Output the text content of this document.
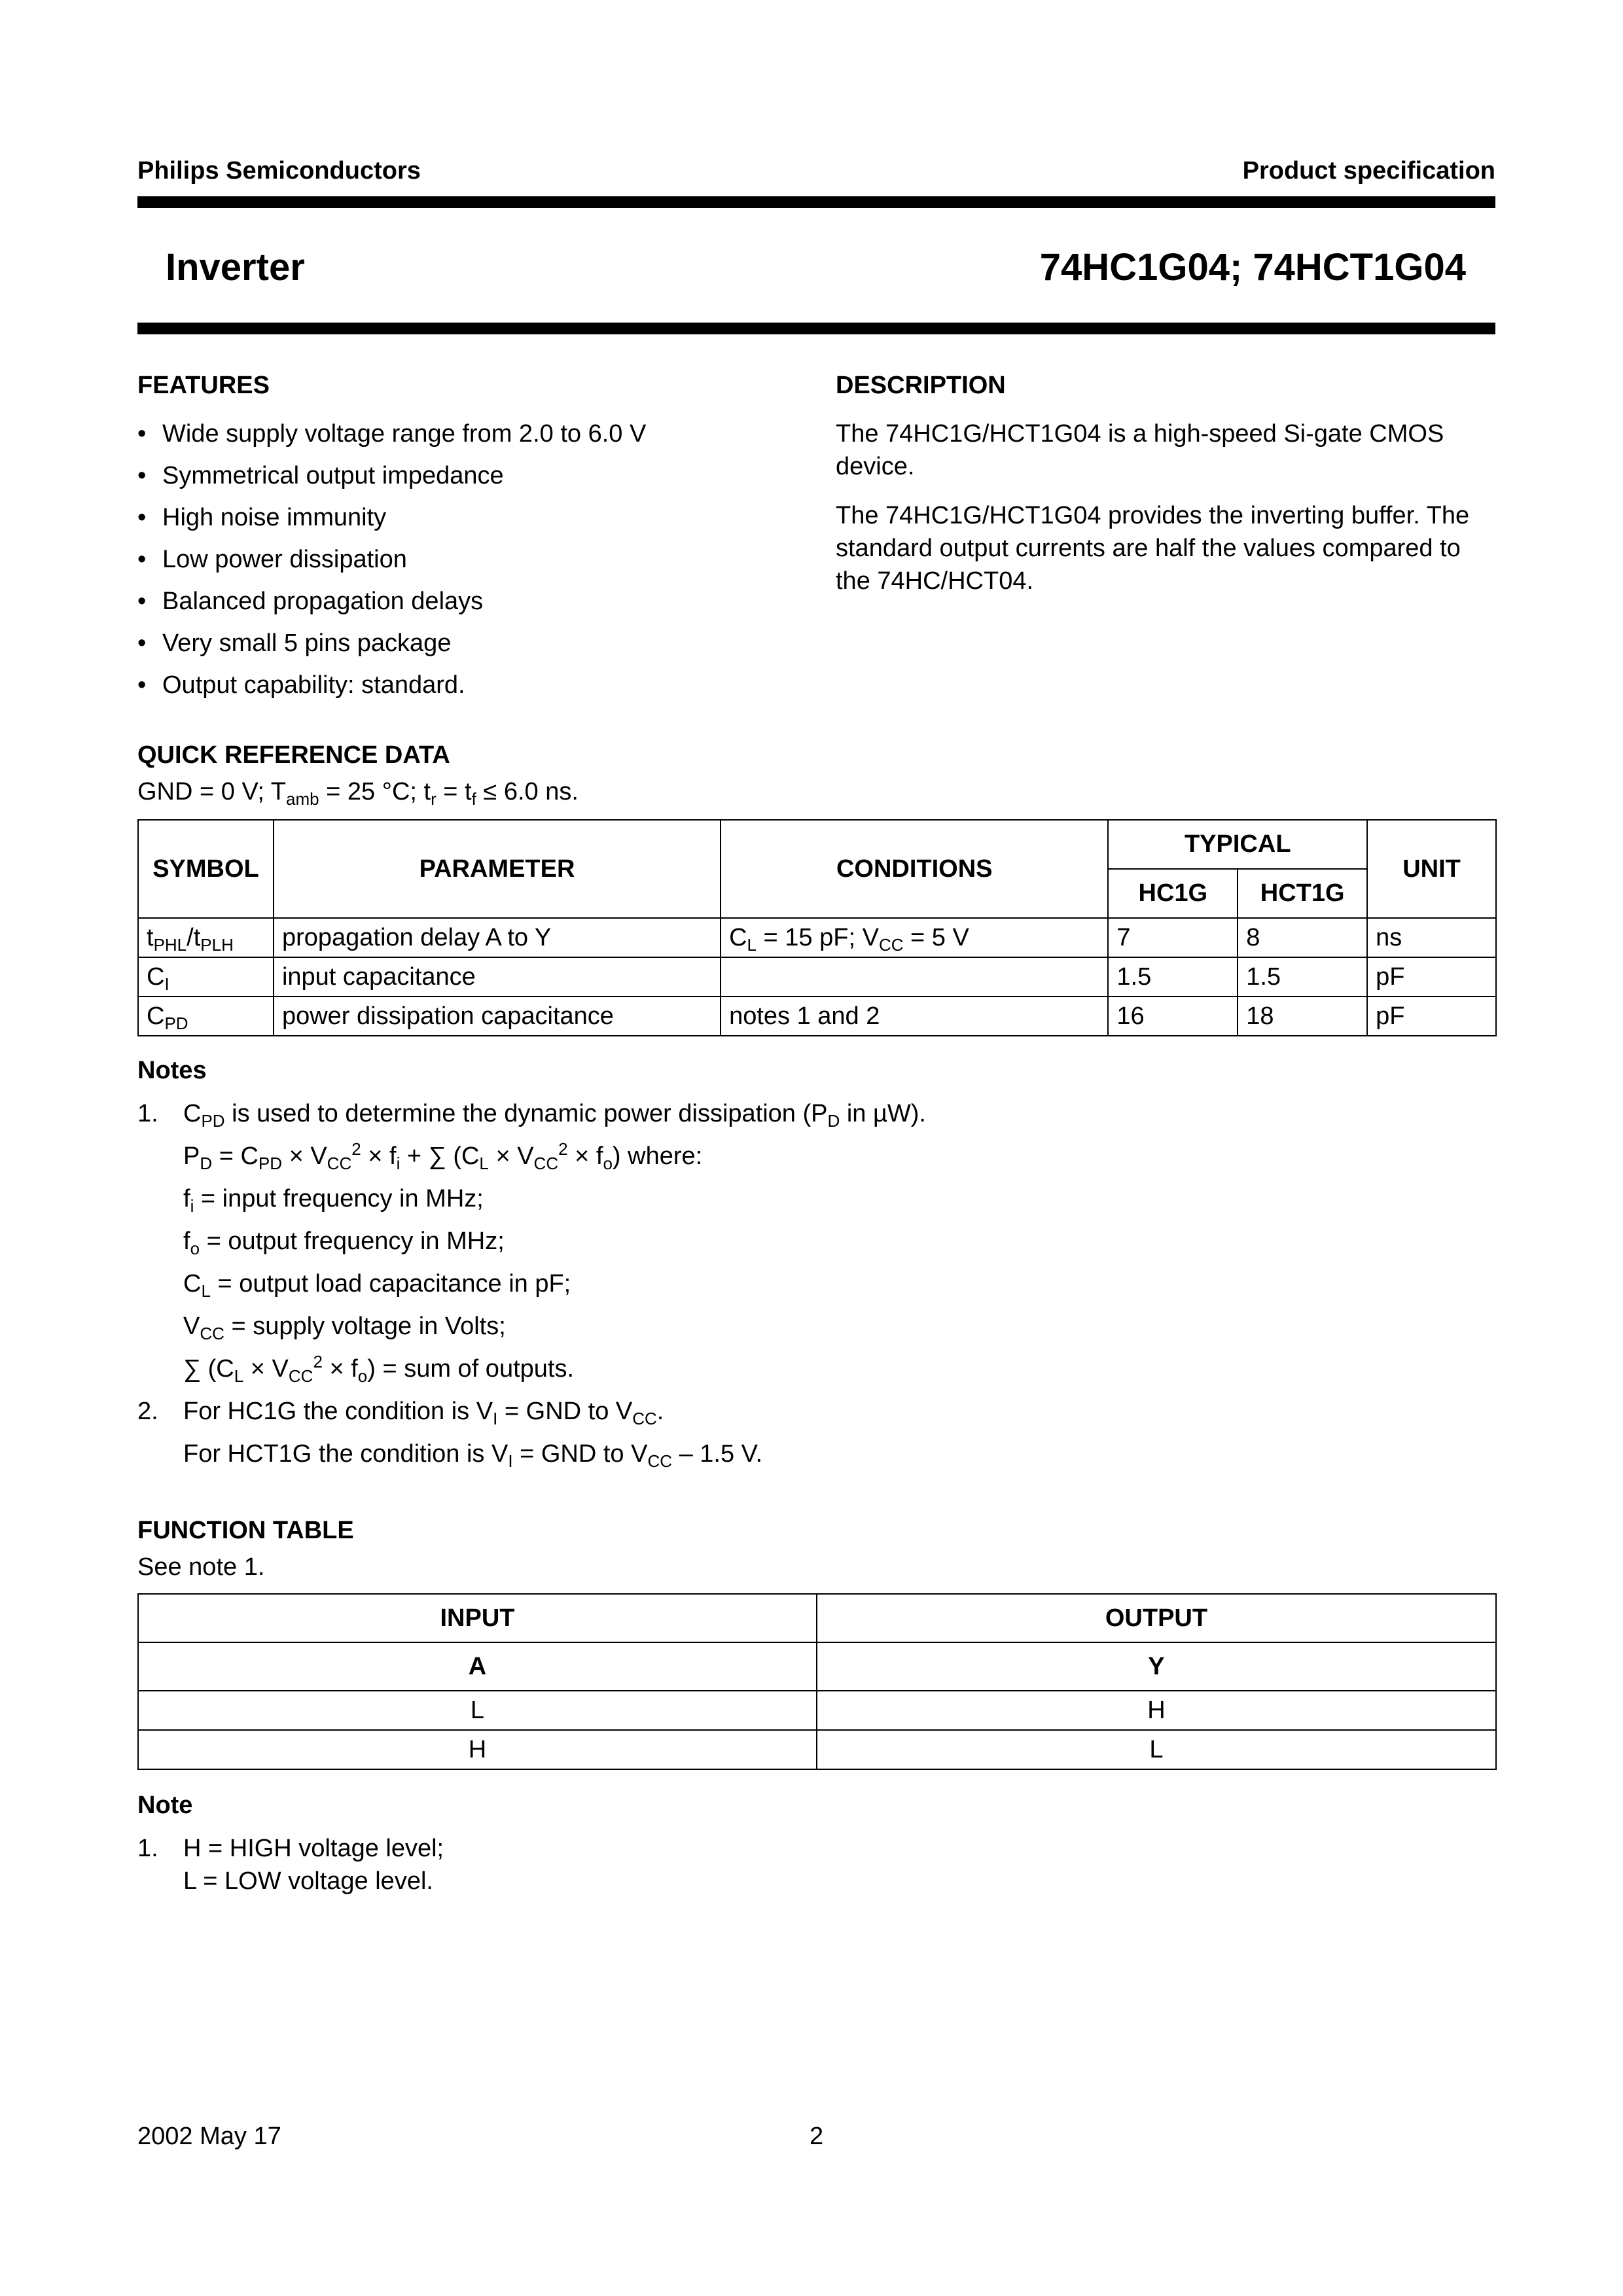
Philips Semiconductors	Product specification
Inverter	74HC1G04; 74HCT1G04
FEATURES
• Wide supply voltage range from 2.0 to 6.0 V
• Symmetrical output impedance
• High noise immunity
• Low power dissipation
• Balanced propagation delays
• Very small 5 pins package
• Output capability: standard.
DESCRIPTION
The 74HC1G/HCT1G04 is a high-speed Si-gate CMOS device.
The 74HC1G/HCT1G04 provides the inverting buffer. The standard output currents are half the values compared to the 74HC/HCT04.
QUICK REFERENCE DATA
GND = 0 V; $T_{amb} = 25$ °C; $t_r = t_f \le 6.0$ ns.
SYMBOL	PARAMETER	CONDITIONS	TYPICAL		UNIT
			HC1G	HCT1G	
$t_{PHL}/t_{PLH}$	propagation delay A to Y	$C_L = 15$ pF; $V_{CC} = 5$ V	7	8	ns
$C_I$	input capacitance		1.5	1.5	pF
$C_{PD}$	power dissipation capacitance	notes 1 and 2	16	18	pF
Notes
1. $C_{PD}$ is used to determine the dynamic power dissipation ($P_D$ in µW).
$P_D = C_{PD} \times V_{CC}^2 \times f_i$ + ∑ $(C_L \times V_{CC}^2 \times f_o)$ where:
$f_i$ = input frequency in MHz;
$f_o$ = output frequency in MHz;
$C_L$ = output load capacitance in pF;
$V_{CC}$ = supply voltage in Volts;
∑ $(C_L \times V_{CC}^2 \times f_o)$ = sum of outputs.
2. For HC1G the condition is $V_I$ = GND to $V_{CC}$.
For HCT1G the condition is $V_I$ = GND to $V_{CC} - 1.5$ V.
FUNCTION TABLE
See note 1.
INPUT	OUTPUT
A	Y
L	H
H	L
Note
1. H = HIGH voltage level;
L = LOW voltage level.
2002 May 17	2
